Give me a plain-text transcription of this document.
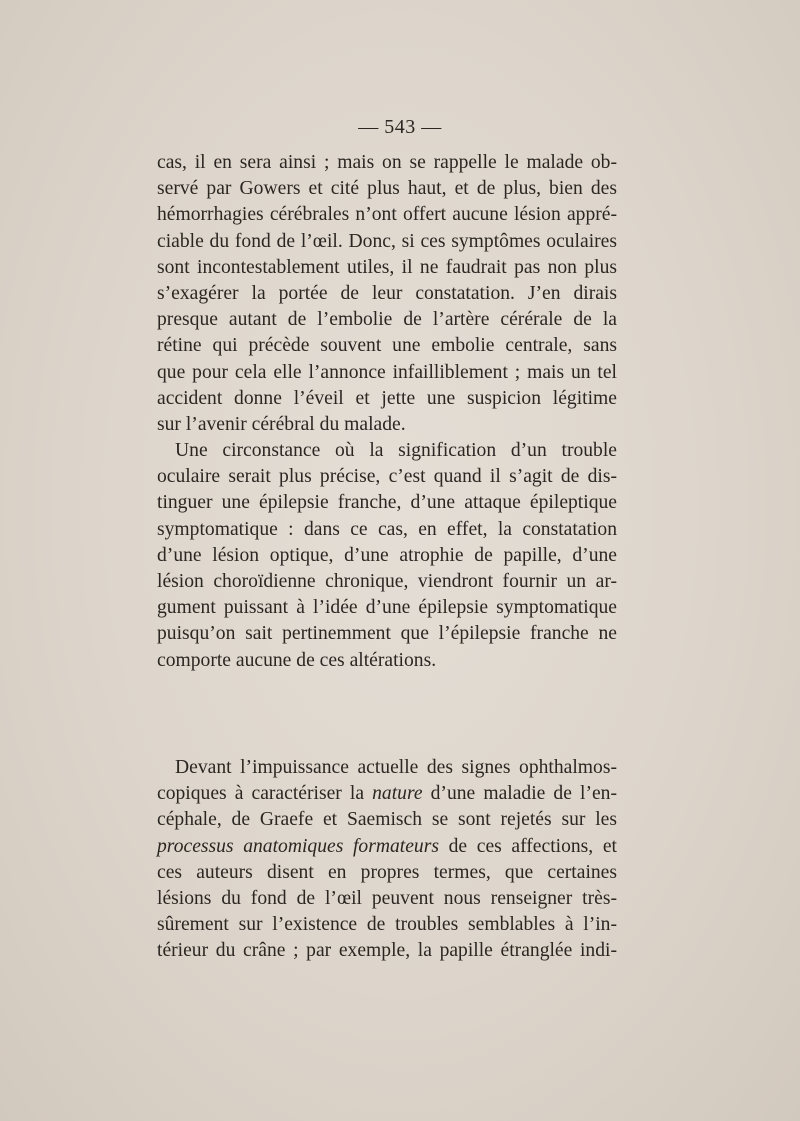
— 543 —
cas, il en sera ainsi ; mais on se rappelle le malade ob-
servé par Gowers et cité plus haut, et de plus, bien des
hémorrhagies cérébrales n’ont offert aucune lésion appré-
ciable du fond de l’œil. Donc, si ces symptômes oculaires
sont incontestablement utiles, il ne faudrait pas non plus
s’exagérer la portée de leur constatation. J’en dirais
presque autant de l’embolie de l’artère cérérale de la
rétine qui précède souvent une embolie centrale, sans
que pour cela elle l’annonce infailliblement ; mais un tel
accident donne l’éveil et jette une suspicion légitime
sur l’avenir cérébral du malade.
Une circonstance où la signification d’un trouble
oculaire serait plus précise, c’est quand il s’agit de dis-
tinguer une épilepsie franche, d’une attaque épileptique
symptomatique : dans ce cas, en effet, la constatation
d’une lésion optique, d’une atrophie de papille, d’une
lésion choroïdienne chronique, viendront fournir un ar-
gument puissant à l’idée d’une épilepsie symptomatique
puisqu’on sait pertinemment que l’épilepsie franche ne
comporte aucune de ces altérations.
Devant l’impuissance actuelle des signes ophthalmos-
copiques à caractériser la nature d’une maladie de l’en-
céphale, de Graefe et Saemisch se sont rejetés sur les
processus anatomiques formateurs de ces affections, et
ces auteurs disent en propres termes, que certaines
lésions du fond de l’œil peuvent nous renseigner très-
sûrement sur l’existence de troubles semblables à l’in-
térieur du crâne ; par exemple, la papille étranglée indi-
